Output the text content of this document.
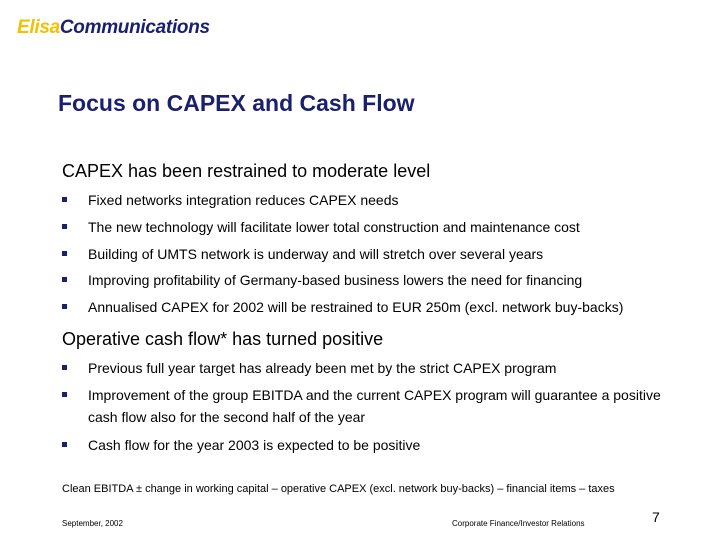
ElisaCommunications
Focus on CAPEX and Cash Flow
CAPEX has been restrained to moderate level
Fixed networks integration reduces CAPEX needs
The new technology will facilitate lower total construction and maintenance cost
Building of UMTS network is underway and will stretch over several years
Improving profitability of Germany-based business lowers the need for financing
Annualised CAPEX for 2002 will be restrained to EUR 250m (excl. network buy-backs)
Operative cash flow* has turned positive
Previous full year target has already been met by the strict CAPEX program
Improvement of the group EBITDA and the current CAPEX program will guarantee a positive cash flow also for the second half of the year
Cash flow for the year 2003 is expected to be positive
Clean EBITDA ± change in working capital – operative CAPEX (excl. network buy-backs) – financial items – taxes
September, 2002	Corporate Finance/Investor Relations	7
